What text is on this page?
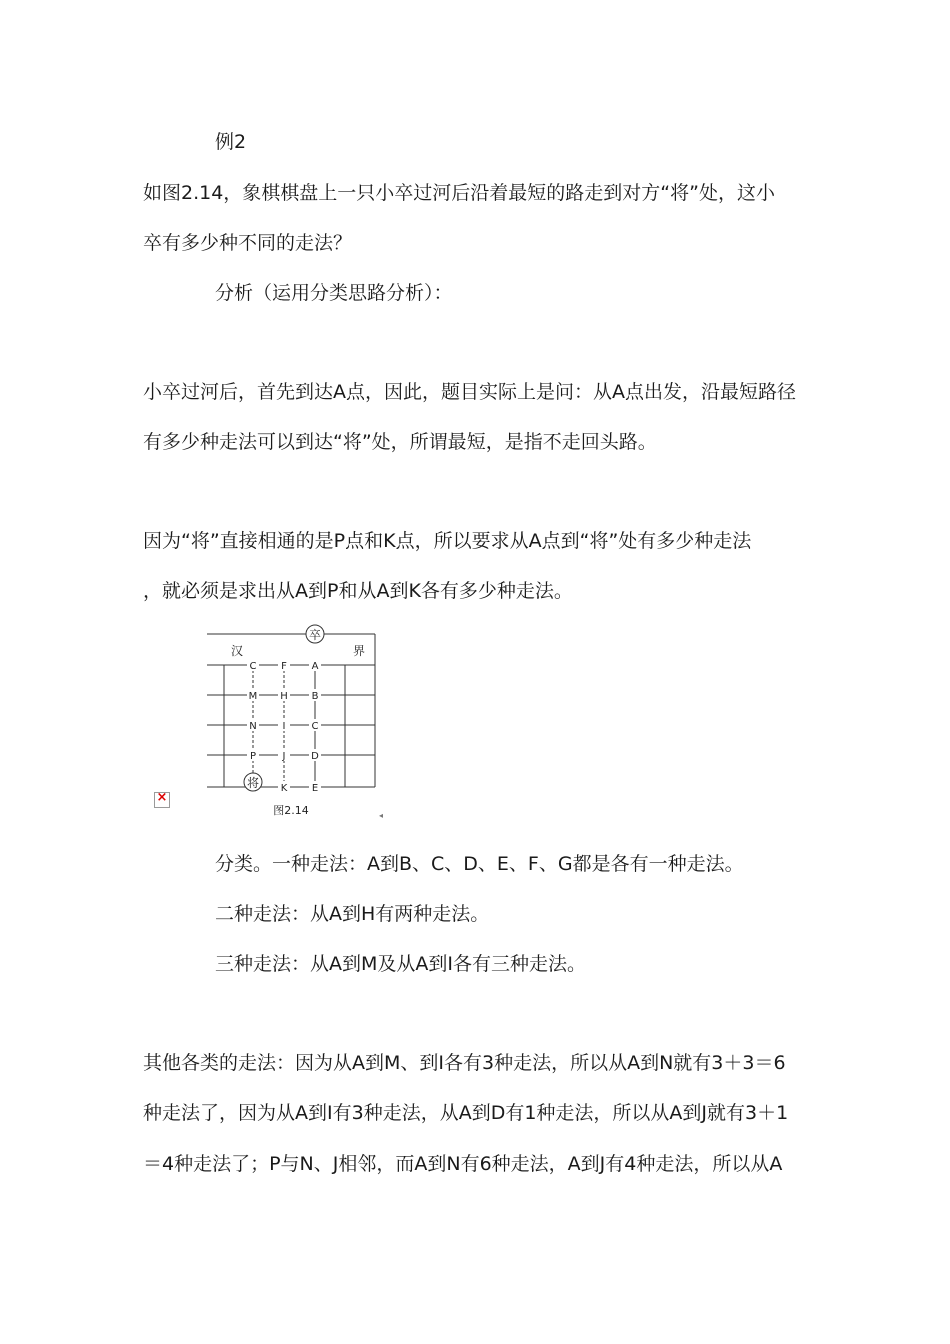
例2
如图2.14，象棋棋盘上一只小卒过河后沿着最短的路走到对方“将”处，这小
卒有多少种不同的走法？
分析（运用分类思路分析）：
小卒过河后，首先到达A点，因此，题目实际上是问：从A点出发，沿最短路径
有多少种走法可以到达“将”处，所谓最短，是指不走回头路。
因为“将”直接相通的是P点和K点，所以要求从A点到“将”处有多少种走法
，就必须是求出从A到P和从A到K各有多少种走法。
×
卒
将
汉	界
C F A
M H B
N	I	C
P	J	D
K E
图2.14	◂
分类。一种走法：A到B、C、D、E、F、G都是各有一种走法。
二种走法：从A到H有两种走法。
三种走法：从A到M及从A到I各有三种走法。
其他各类的走法：因为从A到M、到I各有3种走法，所以从A到N就有3＋3＝6
种走法了，因为从A到I有3种走法，从A到D有1种走法，所以从A到J就有3＋1
＝4种走法了；P与N、J相邻，而A到N有6种走法，A到J有4种走法，所以从A
